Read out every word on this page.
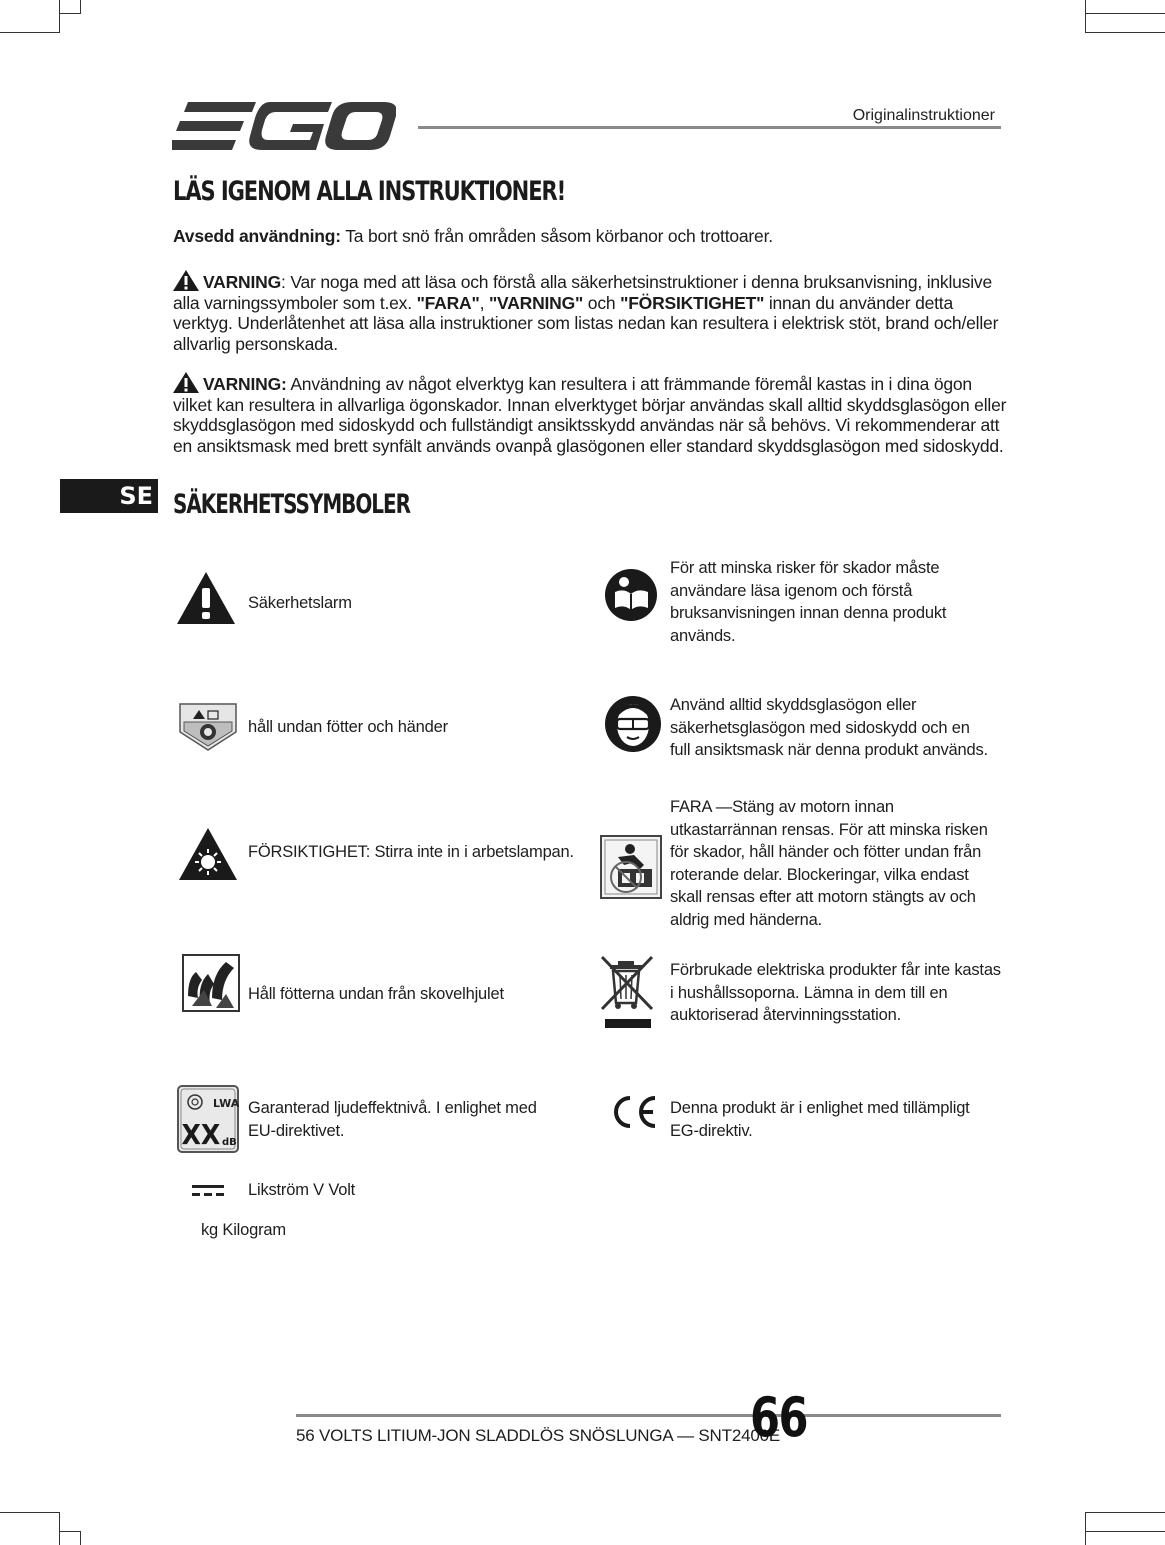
Originalinstruktioner
LÄS IGENOM ALLA INSTRUKTIONER!
Avsedd användning: Ta bort snö från områden såsom körbanor och trottoarer.
VARNING: Var noga med att läsa och förstå alla säkerhetsinstruktioner i denna bruksanvisning, inklusive alla varningssymboler som t.ex. "FARA", "VARNING" och "FÖRSIKTIGHET" innan du använder detta verktyg. Underlåtenhet att läsa alla instruktioner som listas nedan kan resultera i elektrisk stöt, brand och/eller allvarlig personskada.
VARNING: Användning av något elverktyg kan resultera i att främmande föremål kastas in i dina ögon vilket kan resultera in allvarliga ögonskador. Innan elverktyget börjar användas skall alltid skyddsglasögon eller skyddsglasögon med sidoskydd och fullständigt ansiktsskydd användas när så behövs. Vi rekommenderar att en ansiktsmask med brett synfält används ovanpå glasögonen eller standard skyddsglasögon med sidoskydd.
SE SÄKERHETSSYMBOLER
Säkerhetslarm
håll undan fötter och händer
FÖRSIKTIGHET: Stirra inte in i arbetslampan.
Håll fötterna undan från skovelhjulet
LWA
XX dB
Garanterad ljudeffektnivå. I enlighet med EU-direktivet.
Likström V Volt
kg Kilogram
För att minska risker för skador måste användare läsa igenom och förstå bruksanvisningen innan denna produkt används.
Använd alltid skyddsglasögon eller säkerhetsglasögon med sidoskydd och en full ansiktsmask när denna produkt används.
FARA —Stäng av motorn innan utkastarrännan rensas. För att minska risken för skador, håll händer och fötter undan från roterande delar. Blockeringar, vilka endast skall rensas efter att motorn stängts av och aldrig med händerna.
Förbrukade elektriska produkter får inte kastas i hushållssoporna. Lämna in dem till en auktoriserad återvinningsstation.
Denna produkt är i enlighet med tillämpligt EG-direktiv.
56 VOLTS LITIUM-JON SLADDLÖS SNÖSLUNGA — SNT2400E
66
